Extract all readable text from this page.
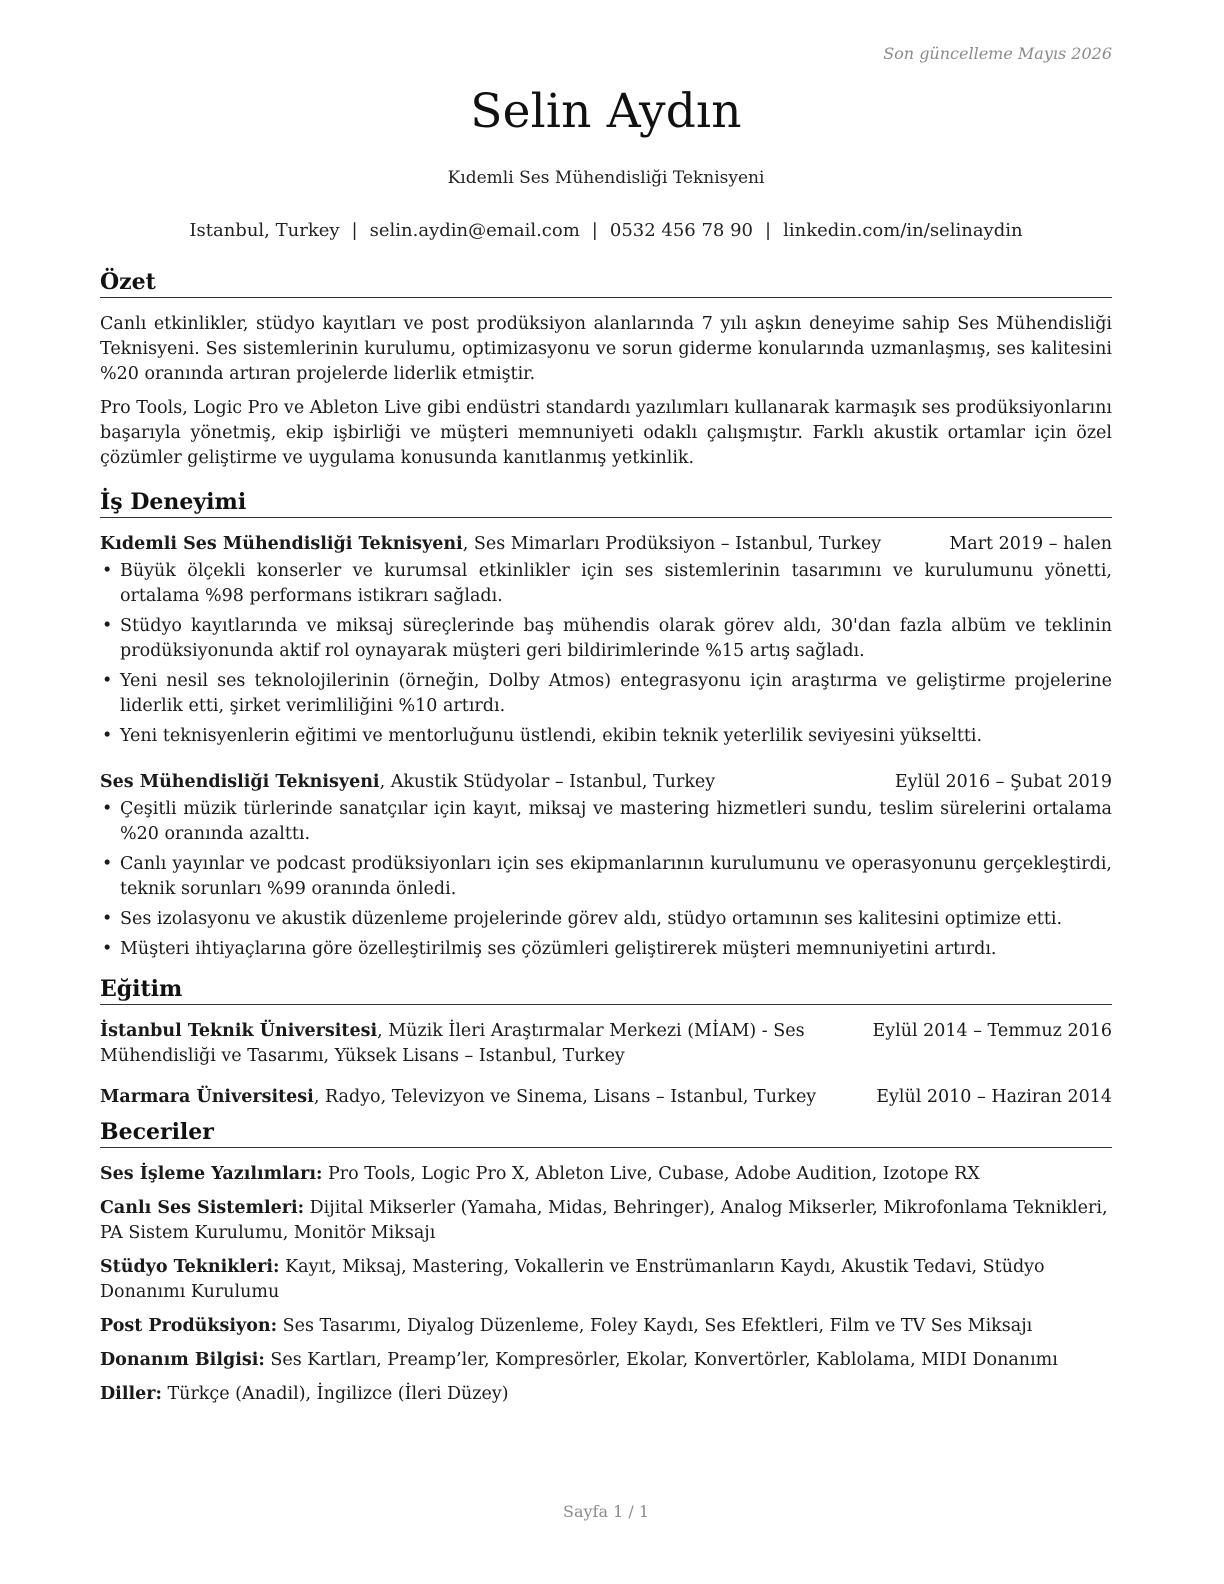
Son güncelleme Mayıs 2026
Selin Aydın
Kıdemli Ses Mühendisliği Teknisyeni
Istanbul, Turkey | selin.aydin@email.com | 0532 456 78 90 | linkedin.com/in/selinaydin
Özet

Canlı etkinlikler, stüdyo kayıtları ve post prodüksiyon alanlarında 7 yılı aşkın deneyime sahip Ses Mühendisliği Teknisyeni. Ses sistemlerinin kurulumu, optimizasyonu ve sorun giderme konularında uzmanlaşmış, ses kalitesini %20 oranında artıran projelerde liderlik etmiştir.

Pro Tools, Logic Pro ve Ableton Live gibi endüstri standardı yazılımları kullanarak karmaşık ses prodüksiyonlarını başarıyla yönetmiş, ekip işbirliği ve müşteri memnuniyeti odaklı çalışmıştır. Farklı akustik ortamlar için özel çözümler geliştirme ve uygulama konusunda kanıtlanmış yetkinlik.

İş Deneyimi
Kıdemli Ses Mühendisliği Teknisyeni, Ses Mimarları Prodüksiyon – Istanbul, Turkey	Mart 2019 – halen
• Büyük ölçekli konserler ve kurumsal etkinlikler için ses sistemlerinin tasarımını ve kurulumunu yönetti, ortalama %98 performans istikrarı sağladı.
• Stüdyo kayıtlarında ve miksaj süreçlerinde baş mühendis olarak görev aldı, 30'dan fazla albüm ve teklinin prodüksiyonunda aktif rol oynayarak müşteri geri bildirimlerinde %15 artış sağladı.
• Yeni nesil ses teknolojilerinin (örneğin, Dolby Atmos) entegrasyonu için araştırma ve geliştirme projelerine liderlik etti, şirket verimliliğini %10 artırdı.
• Yeni teknisyenlerin eğitimi ve mentorluğunu üstlendi, ekibin teknik yeterlilik seviyesini yükseltti.
Ses Mühendisliği Teknisyeni, Akustik Stüdyolar – Istanbul, Turkey	Eylül 2016 – Şubat 2019
• Çeşitli müzik türlerinde sanatçılar için kayıt, miksaj ve mastering hizmetleri sundu, teslim sürelerini ortalama %20 oranında azalttı.
• Canlı yayınlar ve podcast prodüksiyonları için ses ekipmanlarının kurulumunu ve operasyonunu gerçekleştirdi, teknik sorunları %99 oranında önledi.
• Ses izolasyonu ve akustik düzenleme projelerinde görev aldı, stüdyo ortamının ses kalitesini optimize etti.
• Müşteri ihtiyaçlarına göre özelleştirilmiş ses çözümleri geliştirerek müşteri memnuniyetini artırdı.
Eğitim
İstanbul Teknik Üniversitesi, Müzik İleri Araştırmalar Merkezi (MİAM) - Ses Mühendisliği ve Tasarımı, Yüksek Lisans – Istanbul, Turkey
Eylül 2014 – Temmuz 2016
Marmara Üniversitesi, Radyo, Televizyon ve Sinema, Lisans – Istanbul, Turkey	Eylül 2010 – Haziran 2014
Beceriler
Ses İşleme Yazılımları: Pro Tools, Logic Pro X, Ableton Live, Cubase, Adobe Audition, Izotope RX
Canlı Ses Sistemleri: Dijital Mikserler (Yamaha, Midas, Behringer), Analog Mikserler, Mikrofonlama Teknikleri, PA Sistem Kurulumu, Monitör Miksajı
Stüdyo Teknikleri: Kayıt, Miksaj, Mastering, Vokallerin ve Enstrümanların Kaydı, Akustik Tedavi, Stüdyo Donanımı Kurulumu
Post Prodüksiyon: Ses Tasarımı, Diyalog Düzenleme, Foley Kaydı, Ses Efektleri, Film ve TV Ses Miksajı
Donanım Bilgisi: Ses Kartları, Preamp’ler, Kompresörler, Ekolar, Konvertörler, Kablolama, MIDI Donanımı
Diller: Türkçe (Anadil), İngilizce (İleri Düzey)
Sayfa 1 / 1
